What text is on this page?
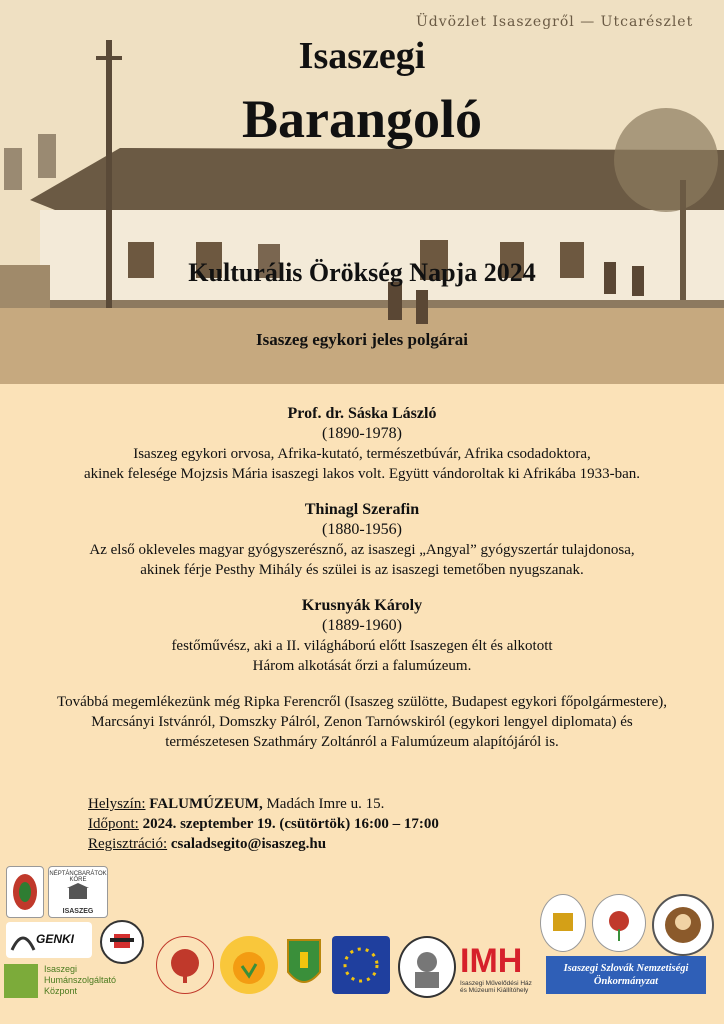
Üdvözlet Isaszegről — Utcarészlet
Isaszegi
Barangoló
Kulturális Örökség Napja 2024
Isaszeg egykori jeles polgárai
Prof. dr. Sáska László
(1890-1978)
Isaszeg egykori orvosa, Afrika-kutató, természetbúvár, Afrika csodadoktora,
akinek felesége Mojzsis Mária isaszegi lakos volt. Együtt vándoroltak ki Afrikába 1933-ban.
Thinagl Szerafin
(1880-1956)
Az első okleveles magyar gyógyszerésznő, az isaszegi „Angyal” gyógyszertár tulajdonosa,
akinek férje Pesthy Mihály és szülei is az isaszegi temetőben nyugszanak.
Krusnyák Károly
(1889-1960)
festőművész, aki a II. világháború előtt Isaszegen élt és alkotott
Három alkotását őrzi a falumúzeum.
Továbbá megemlékezünk még Ripka Ferencről (Isaszeg szülötte, Budapest egykori főpolgármestere),
Marcsányi Istvánról, Domszky Pálról, Zenon Tarnówskiról (egykori lengyel diplomata) és
természetesen Szathmáry Zoltánról a Falumúzeum alapítójáról is.
Helyszín: FALUMÚZEUM, Madách Imre u. 15.
Időpont: 2024. szeptember 19. (csütörtök) 16:00 – 17:00
Regisztráció: csaladsegito@isaszeg.hu
NÉPTÁNCBARÁTOK KÖRE
ISASZEG
GENKI
Isaszegi
Humánszolgáltató
Központ
IMH
Isaszegi Művelődési Ház
és Múzeumi Kiállítóhely
Isaszegi Szlovák Nemzetiségi
Önkormányzat
